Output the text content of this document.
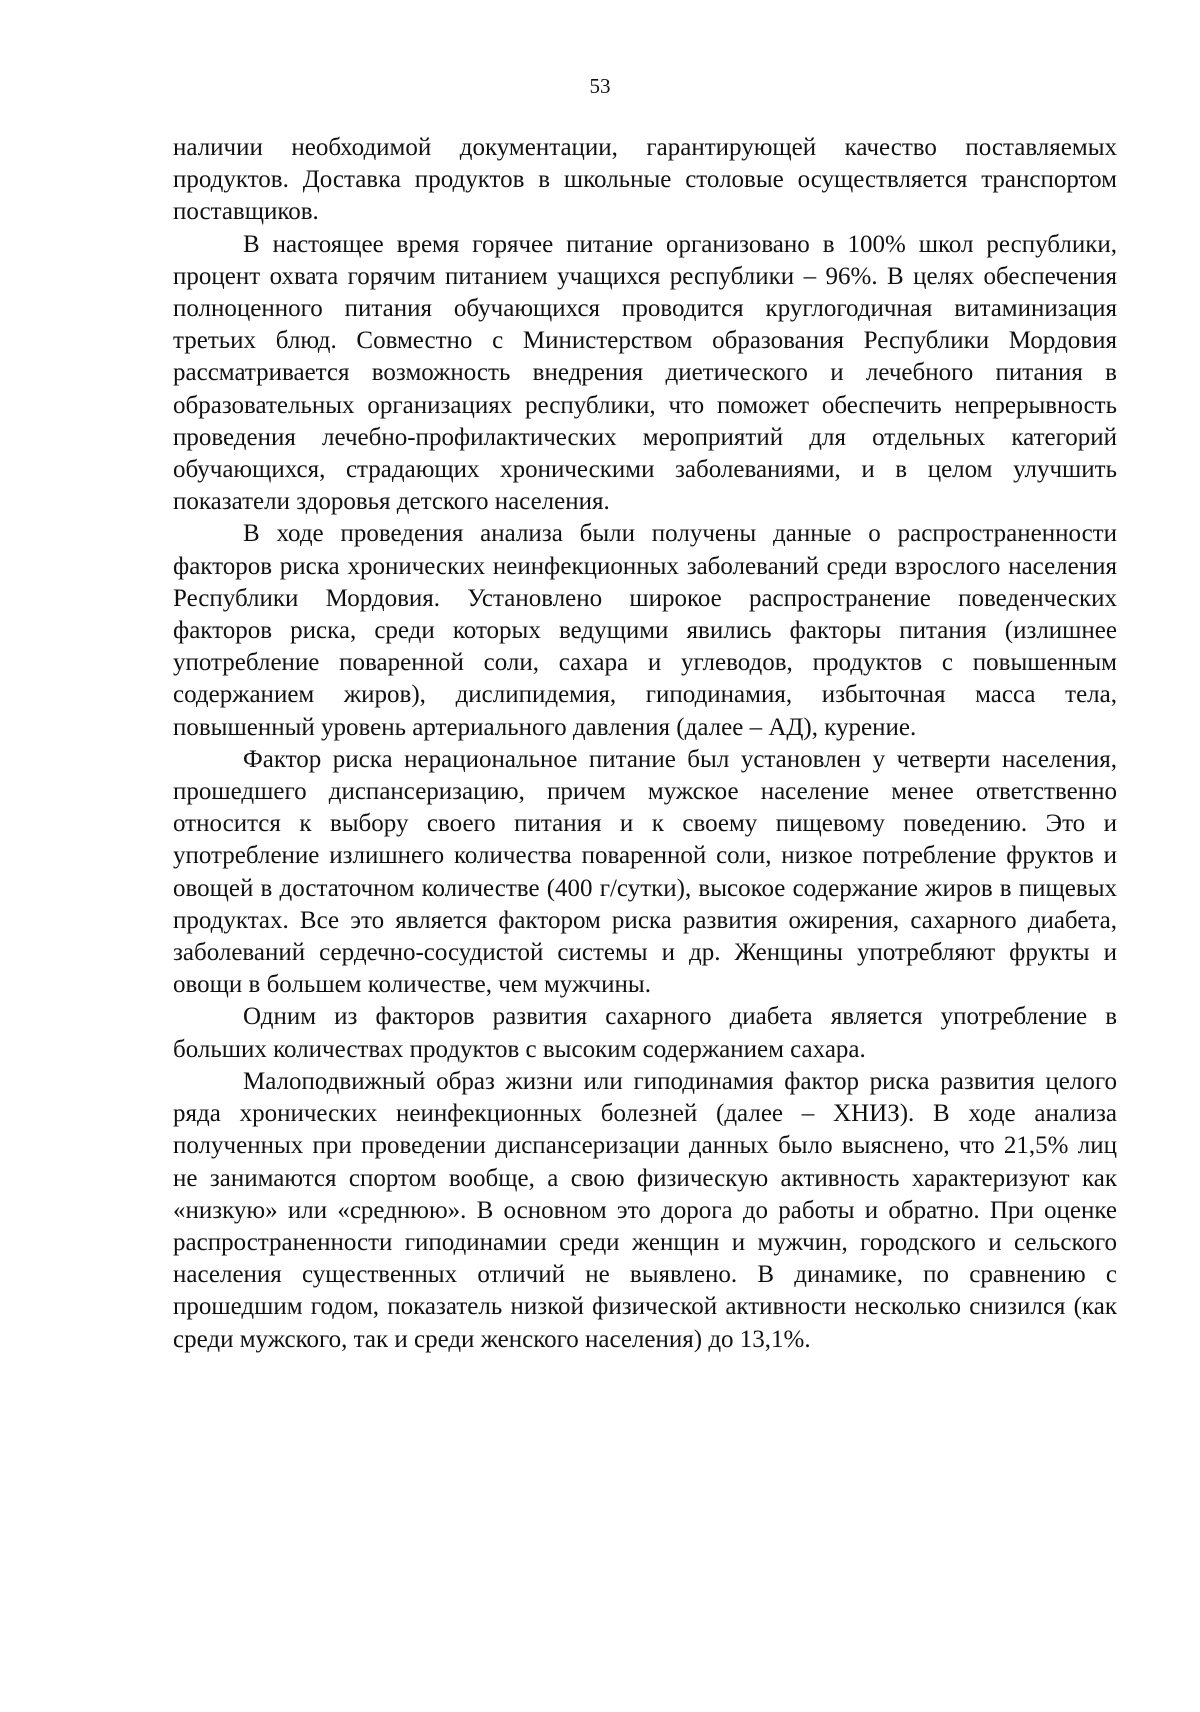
53

наличии необходимой документации, гарантирующей качество поставляемых продуктов. Доставка продуктов в школьные столовые осуществляется транспортом поставщиков.

В настоящее время горячее питание организовано в 100% школ республики, процент охвата горячим питанием учащихся республики – 96%. В целях обеспечения полноценного питания обучающихся проводится круглогодичная витаминизация третьих блюд. Совместно с Министерством образования Республики Мордовия рассматривается возможность внедрения диетического и лечебного питания в образовательных организациях республики, что поможет обеспечить непрерывность проведения лечебно-профилактических мероприятий для отдельных категорий обучающихся, страдающих хроническими заболеваниями, и в целом улучшить показатели здоровья детского населения.

В ходе проведения анализа были получены данные о распространенности факторов риска хронических неинфекционных заболеваний среди взрослого населения Республики Мордовия. Установлено широкое распространение поведенческих факторов риска, среди которых ведущими явились факторы питания (излишнее употребление поваренной соли, сахара и углеводов, продуктов с повышенным содержанием жиров), дислипидемия, гиподинамия, избыточная масса тела, повышенный уровень артериального давления (далее – АД), курение.

Фактор риска нерациональное питание был установлен у четверти населения, прошедшего диспансеризацию, причем мужское население менее ответственно относится к выбору своего питания и к своему пищевому поведению. Это и употребление излишнего количества поваренной соли, низкое потребление фруктов и овощей в достаточном количестве (400 г/сутки), высокое содержание жиров в пищевых продуктах. Все это является фактором риска развития ожирения, сахарного диабета, заболеваний сердечно-сосудистой системы и др. Женщины употребляют фрукты и овощи в большем количестве, чем мужчины.

Одним из факторов развития сахарного диабета является употребление в больших количествах продуктов с высоким содержанием сахара.

Малоподвижный образ жизни или гиподинамия фактор риска развития целого ряда хронических неинфекционных болезней (далее – ХНИЗ). В ходе анализа полученных при проведении диспансеризации данных было выяснено, что 21,5% лиц не занимаются спортом вообще, а свою физическую активность характеризуют как «низкую» или «среднюю». В основном это дорога до работы и обратно. При оценке распространенности гиподинамии среди женщин и мужчин, городского и сельского населения существенных отличий не выявлено. В динамике, по сравнению с прошедшим годом, показатель низкой физической активности несколько снизился (как среди мужского, так и среди женского населения) до 13,1%.
